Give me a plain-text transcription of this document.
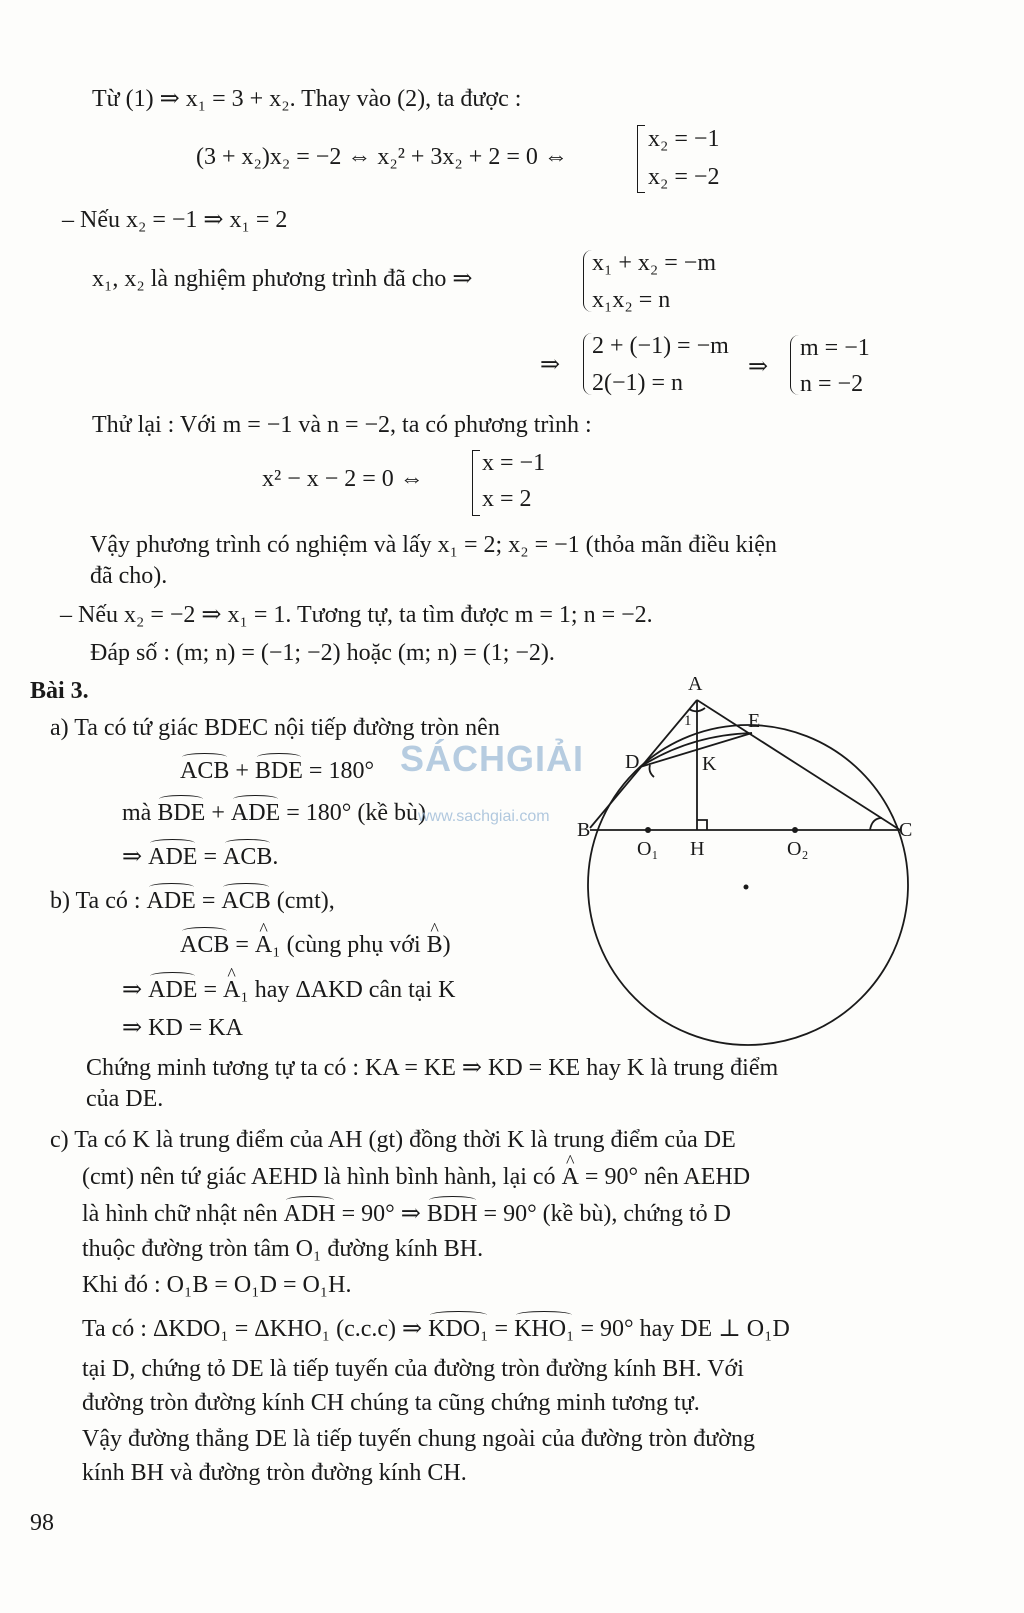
Từ (1) ⇒ x₁ = 3 + x₂. Thay vào (2), ta được :
(3 + x₂)x₂ = −2 ⇔ x₂² + 3x₂ + 2 = 0 ⇔
x₂ = −1
x₂ = −2
– Nếu x₂ = −1 ⇒ x₁ = 2
x₁, x₂ là nghiệm phương trình đã cho ⇒
x₁ + x₂ = −m
x₁x₂ = n
⇒
2 + (−1) = −m
2(−1) = n
⇒
m = −1
n = −2
Thử lại : Với m = −1 và n = −2, ta có phương trình :
x² − x − 2 = 0 ⇔
x = −1
x = 2
Vậy phương trình có nghiệm và lấy x₁ = 2; x₂ = −1 (thỏa mãn điều kiện
đã cho).
– Nếu x₂ = −2 ⇒ x₁ = 1. Tương tự, ta tìm được m = 1; n = −2.
Đáp số : (m; n) = (−1; −2) hoặc (m; n) = (1; −2).
Bài 3.
a) Ta có tứ giác BDEC nội tiếp đường tròn nên
ACB + BDE = 180°
mà BDE + ADE = 180° (kề bù)
⇒ ADE = ACB.
b) Ta có : ADE = ACB (cmt),
ACB = ^ A₁ (cùng phụ với ^ B)
⇒ ADE = ^ A₁ hay ΔAKD cân tại K
⇒ KD = KA
Chứng minh tương tự ta có : KA = KE ⇒ KD = KE hay K là trung điểm
của DE.
c) Ta có K là trung điểm của AH (gt) đồng thời K là trung điểm của DE
(cmt) nên tứ giác AEHD là hình bình hành, lại có ^ A = 90° nên AEHD
là hình chữ nhật nên ADH = 90° ⇒ BDH = 90° (kề bù), chứng tỏ D
thuộc đường tròn tâm O₁ đường kính BH.
Khi đó : O₁B = O₁D = O₁H.
Ta có : ΔKDO₁ = ΔKHO₁ (c.c.c) ⇒ KDO₁ = KHO₁ = 90° hay DE ⊥ O₁D
tại D, chứng tỏ DE là tiếp tuyến của đường tròn đường kính BH. Với
đường tròn đường kính CH chúng ta cũng chứng minh tương tự.
Vậy đường thẳng DE là tiếp tuyến chung ngoài của đường tròn đường
kính BH và đường tròn đường kính CH.
98
SÁCHGIẢI
www.sachgiai.com
A
E
D	K
1
B	C
O₁ H	O₂
